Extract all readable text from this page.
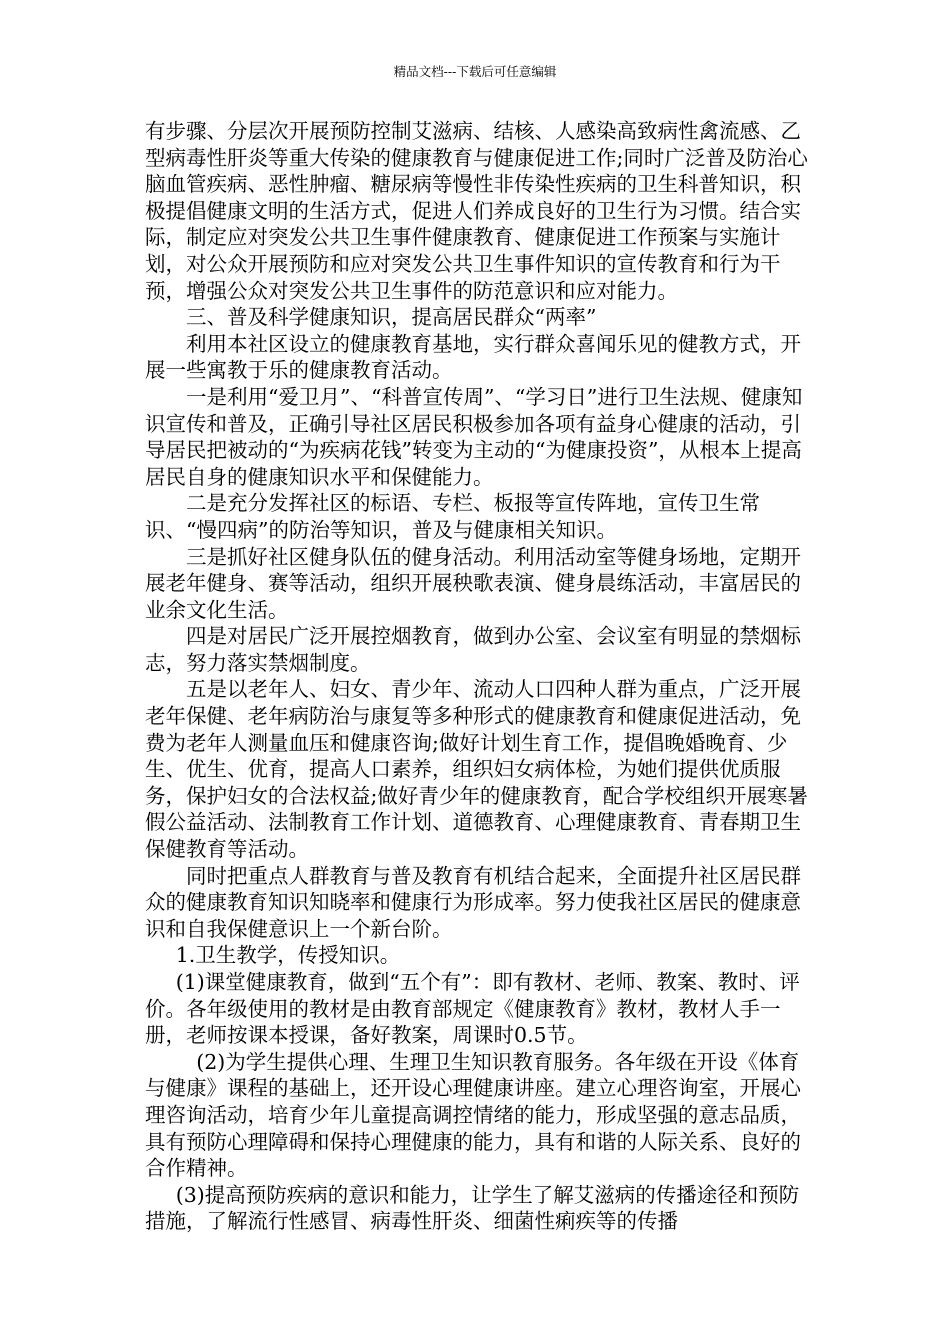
精品文档---下载后可任意编辑

有步骤、分层次开展预防控制艾滋病、结核、人感染高致病性禽流感、乙型病毒性肝炎等重大传染的健康教育与健康促进工作;同时广泛普及防治心脑血管疾病、恶性肿瘤、糖尿病等慢性非传染性疾病的卫生科普知识，积极提倡健康文明的生活方式，促进人们养成良好的卫生行为习惯。结合实际，制定应对突发公共卫生事件健康教育、健康促进工作预案与实施计划，对公众开展预防和应对突发公共卫生事件知识的宣传教育和行为干预，增强公众对突发公共卫生事件的防范意识和应对能力。

三、普及科学健康知识，提高居民群众“两率”

利用本社区设立的健康教育基地，实行群众喜闻乐见的健教方式，开展一些寓教于乐的健康教育活动。

一是利用“爱卫月”、“科普宣传周”、“学习日”进行卫生法规、健康知识宣传和普及，正确引导社区居民积极参加各项有益身心健康的活动，引导居民把被动的“为疾病花钱”转变为主动的“为健康投资”，从根本上提高居民自身的健康知识水平和保健能力。

二是充分发挥社区的标语、专栏、板报等宣传阵地，宣传卫生常识、“慢四病”的防治等知识，普及与健康相关知识。

三是抓好社区健身队伍的健身活动。利用活动室等健身场地，定期开展老年健身、赛等活动，组织开展秧歌表演、健身晨练活动，丰富居民的业余文化生活。

四是对居民广泛开展控烟教育，做到办公室、会议室有明显的禁烟标志，努力落实禁烟制度。

五是以老年人、妇女、青少年、流动人口四种人群为重点，广泛开展老年保健、老年病防治与康复等多种形式的健康教育和健康促进活动，免费为老年人测量血压和健康咨询;做好计划生育工作，提倡晚婚晚育、少生、优生、优育，提高人口素养，组织妇女病体检，为她们提供优质服务，保护妇女的合法权益;做好青少年的健康教育，配合学校组织开展寒暑假公益活动、法制教育工作计划、道德教育、心理健康教育、青春期卫生保健教育等活动。

同时把重点人群教育与普及教育有机结合起来，全面提升社区居民群众的健康教育知识知晓率和健康行为形成率。努力使我社区居民的健康意识和自我保健意识上一个新台阶。

1.卫生教学，传授知识。

(1)课堂健康教育，做到“五个有”：即有教材、老师、教案、教时、评价。各年级使用的教材是由教育部规定《健康教育》教材，教材人手一册，老师按课本授课，备好教案，周课时0.5节。

(2)为学生提供心理、生理卫生知识教育服务。各年级在开设《体育与健康》课程的基础上，还开设心理健康讲座。建立心理咨询室，开展心理咨询活动，培育少年儿童提高调控情绪的能力，形成坚强的意志品质，具有预防心理障碍和保持心理健康的能力，具有和谐的人际关系、良好的合作精神。

(3)提高预防疾病的意识和能力，让学生了解艾滋病的传播途径和预防措施，了解流行性感冒、病毒性肝炎、细菌性痢疾等的传播
